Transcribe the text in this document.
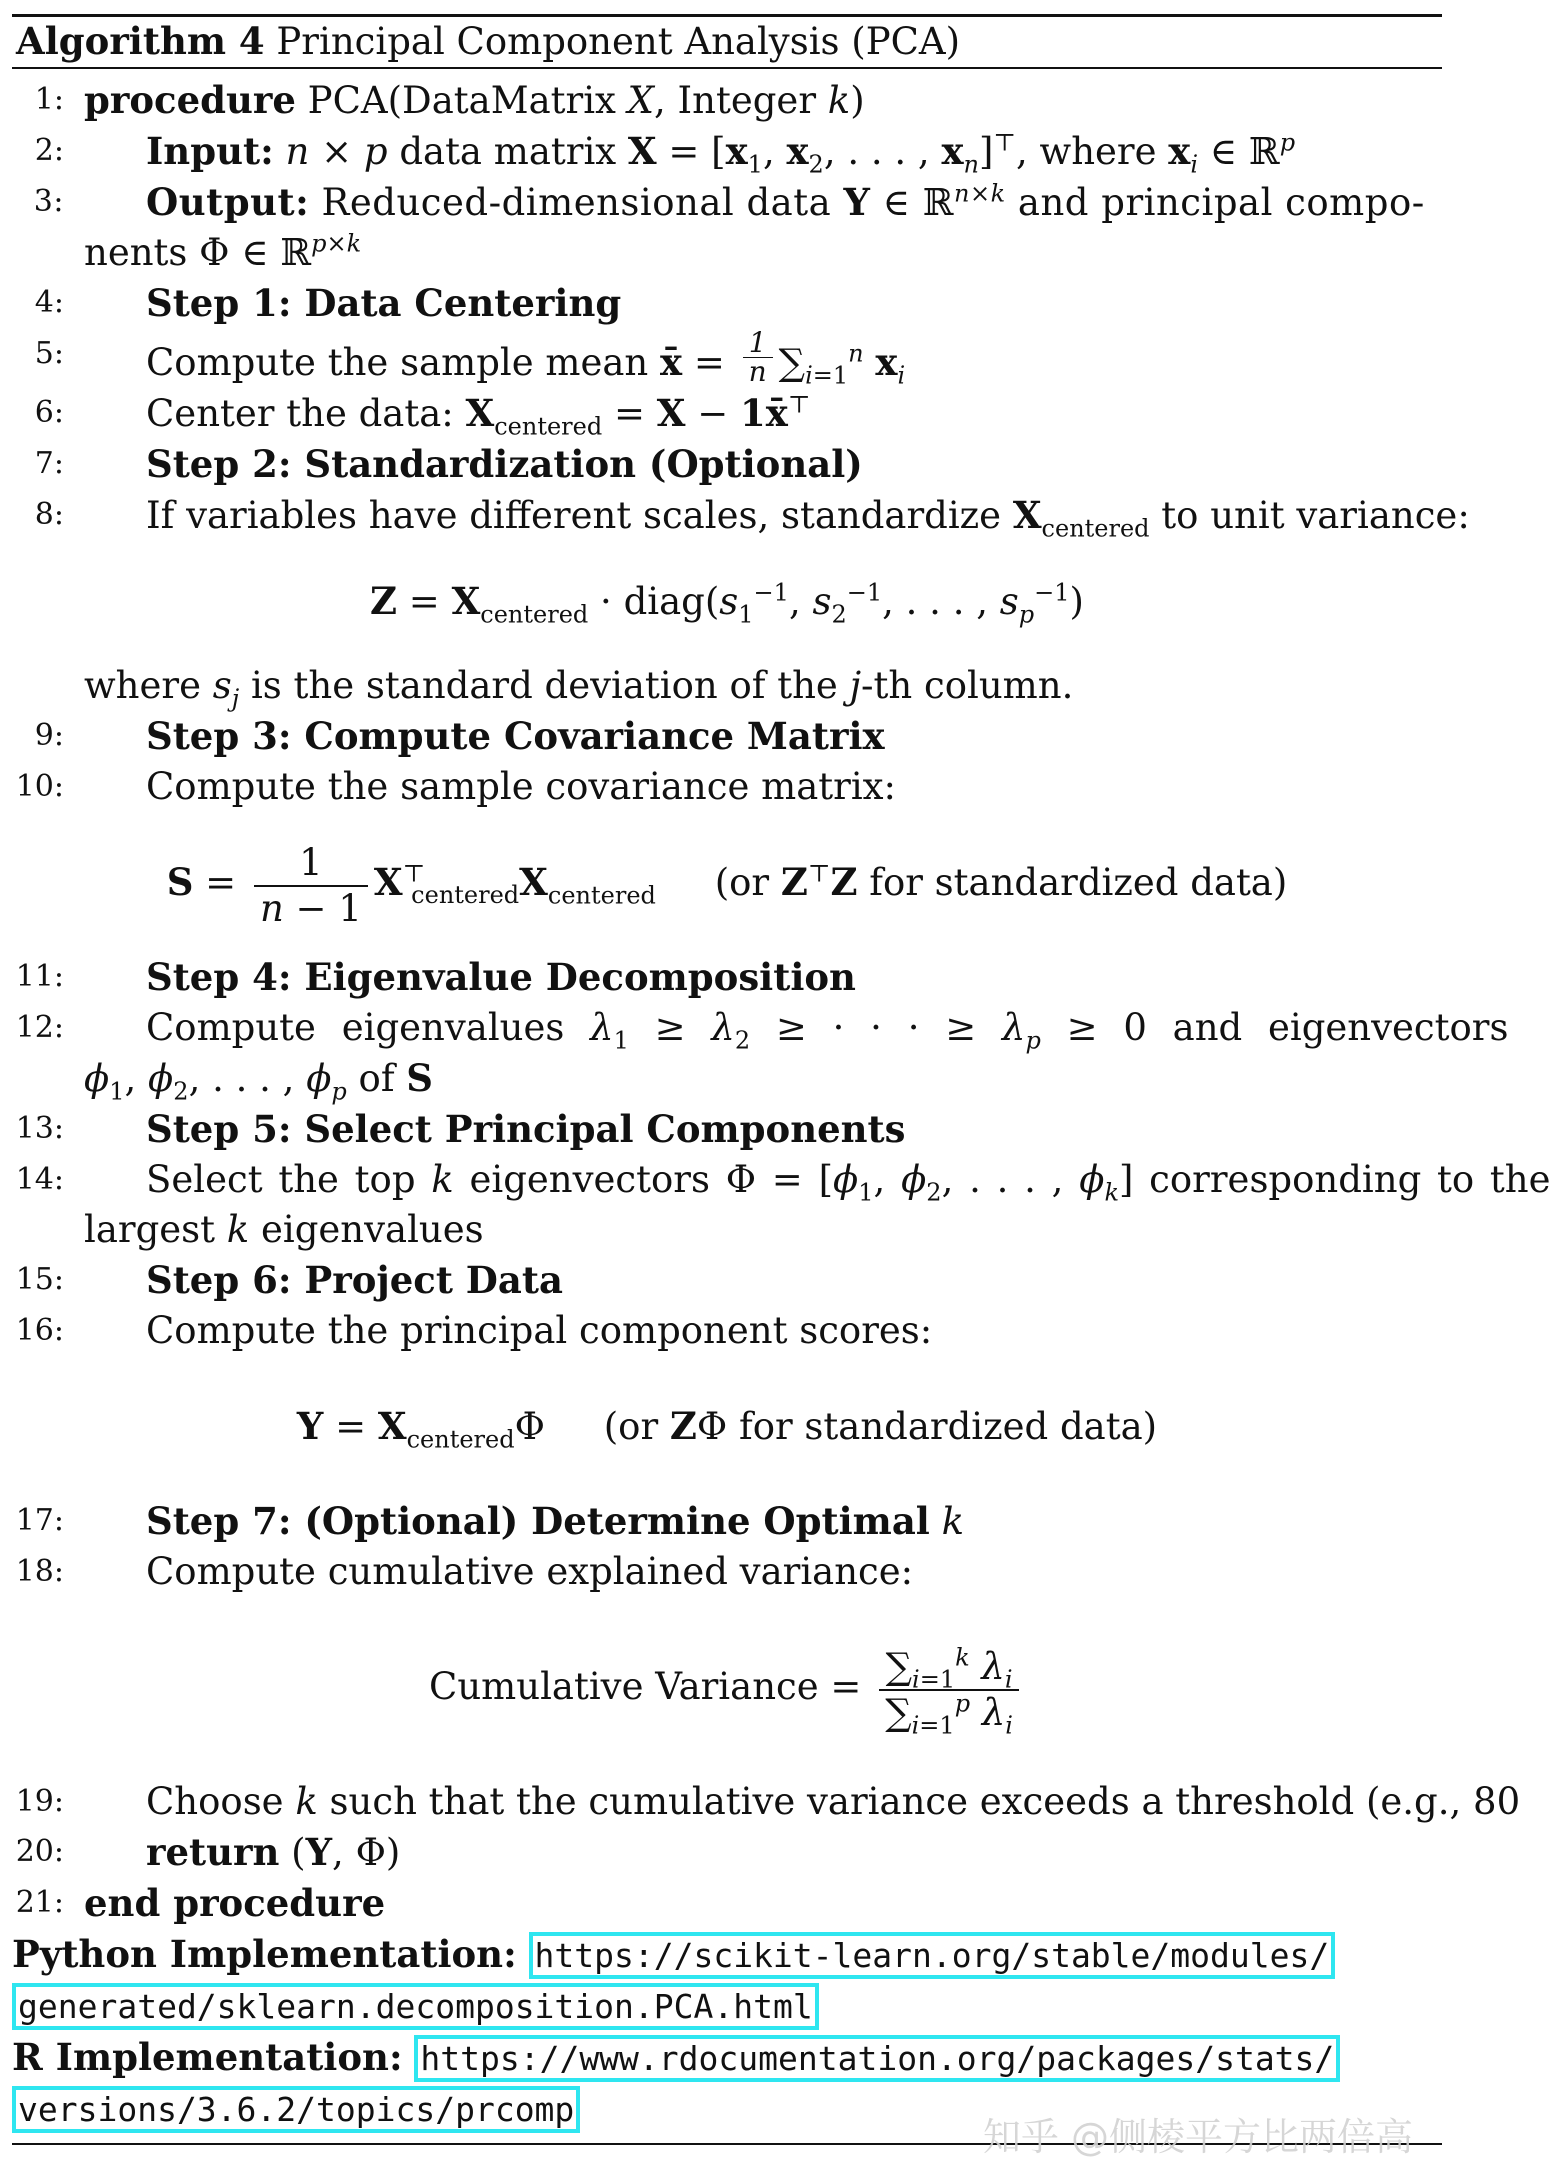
Algorithm 4 Principal Component Analysis (PCA)
1: procedure PCA(DataMatrix X, Integer k)
2: Input: n × p data matrix $X = [x_1$, $x_2$, . . . , $x_n]^⊤$, where $x_i$ ∈ ℝ$^p$
3: Output: Reduced-dimensional data Y ∈ ℝ$^{n\times k}$ and principal compo-
nents Φ ∈ ℝ$^{p\times k}$
4: Step 1: Data Centering
5: Compute the sample mean x̄ = $\frac{1}{n} \sum_{i=1}^n$ $x_i$
6: Center the data: $X_{centered} = X$ − 1x̄⊤
7: Step 2: Standardization (Optional)
8: If variables have different scales, standardize $X_{centered}$ to unit variance:
$Z = X_{centered}$ · $diag(s_1^{-1}$, $s_2^{-1}$, . . . , $s_p^{-1}$)
where $s_j$ is the standard deviation of the j-th column.
9: Step 3: Compute Covariance Matrix
10: Compute the sample covariance matrix:
$S = \frac{1}{n - 1} X^⊤_{centered}X_{centered}$ (or Z⊤Z for standardized data)
11: Step 4: Eigenvalue Decomposition
12: Compute eigenvalues $\lambda_1 \ge \lambda_2$ ≥ · · · ≥ $\lambda_p \ge 0$ and eigenvectors
$\phi_1$, $\phi_2$, . . . , $\phi_p$ of S
13: Step 5: Select Principal Components
14: Select the top k eigenvectors $\Phi = [\phi_1$, $\phi_2$, . . . , $\phi_k$] corresponding to the
largest k eigenvalues
15: Step 6: Project Data
16: Compute the principal component scores:
$Y = X_{centered}\Phi$     (or ZΦ for standardized data)
17: Step 7: (Optional) Determine Optimal k
18: Compute cumulative explained variance:
Cumulative Variance = $\frac{\sum_{i=1}^k \lambda_i}{\sum_{i=1}^p \lambda_i}$
19: Choose k such that the cumulative variance exceeds a threshold (e.g., 80
20: return (Y, Φ)
21: end procedure
Python Implementation: https://scikit-learn.org/stable/modules/
generated/sklearn.decomposition.PCA.html
R Implementation: https://www.rdocumentation.org/packages/stats/
versions/3.6.2/topics/prcomp
知乎 @侧棱平方比两倍高
